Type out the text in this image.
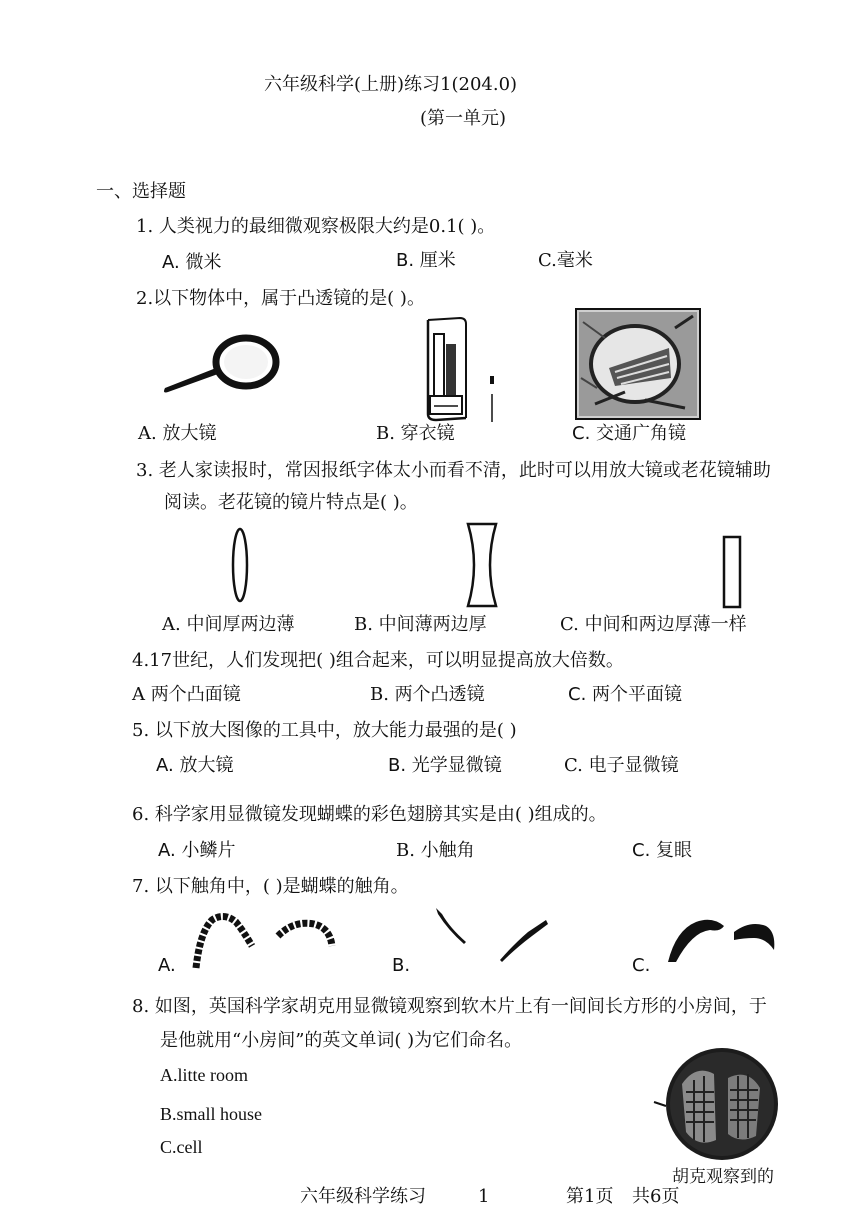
六年级科学(上册)练习1(204.0)
(第一单元)
一、选择题
1. 人类视力的最细微观察极限大约是0.1( )。
A. 微米	B. 厘米	C.毫米
2.以下物体中，属于凸透镜的是( )。
A. 放大镜	B. 穿衣镜	C. 交通广角镜
3. 老人家读报时，常因报纸字体太小而看不清，此时可以用放大镜或老花镜辅助
阅读。老花镜的镜片特点是( )。
A. 中间厚两边薄	B. 中间薄两边厚	C. 中间和两边厚薄一样
4.17世纪，人们发现把( )组合起来，可以明显提高放大倍数。
A 两个凸面镜	B. 两个凸透镜	C. 两个平面镜
5. 以下放大图像的工具中，放大能力最强的是( )
A. 放大镜	B. 光学显微镜	C. 电子显微镜
6. 科学家用显微镜发现蝴蝶的彩色翅膀其实是由( )组成的。
A. 小鳞片	B. 小触角	C. 复眼
7. 以下触角中，( )是蝴蝶的触角。
A.	B.	C.
8. 如图，英国科学家胡克用显微镜观察到软木片上有一间间长方形的小房间，于
是他就用“小房间”的英文单词( )为它们命名。
A.litte room
B.small house
C.cell
胡克观察到的
六年级科学练习	1	第1页 共6页
